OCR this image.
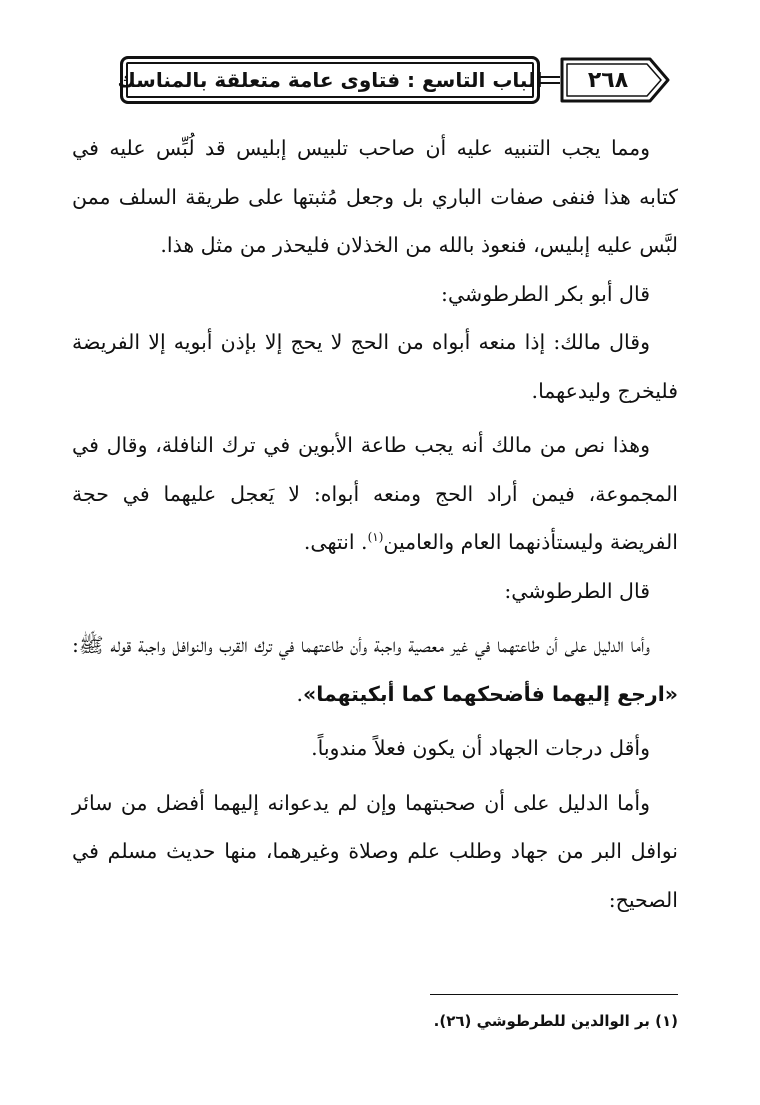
الباب التاسع : فتاوى عامة متعلقة بالمناسك	٢٦٨

ومما يجب التنبيه عليه أن صاحب تلبيس إبليس قد لُبِّس عليه في كتابه هذا فنفى صفات الباري بل وجعل مُثبتها على طريقة السلف ممن لبَّس عليه إبليس، فنعوذ بالله من الخذلان فليحذر من مثل هذا.

قال أبو بكر الطرطوشي:

وقال مالك: إذا منعه أبواه من الحج لا يحج إلا بإذن أبويه إلا الفريضة فليخرج وليدعهما.

وهذا نص من مالك أنه يجب طاعة الأبوين في ترك النافلة، وقال في المجموعة، فيمن أراد الحج ومنعه أبواه: لا يَعجل عليهما في حجة الفريضة وليستأذنهما العام والعامين$^{(١)}$. انتهى.

قال الطرطوشي:

وأما الدليل على أن طاعتهما في غير معصية واجبة وأن طاعتهما في ترك القرب والنوافل واجبة قوله ﷺ: «ارجع إليهما فأضحكهما كما أبكيتهما».

وأقل درجات الجهاد أن يكون فعلاً مندوباً.

وأما الدليل على أن صحبتهما وإن لم يدعوانه إليهما أفضل من سائر نوافل البر من جهاد وطلب علم وصلاة وغيرهما، منها حديث مسلم في الصحيح:

(١) بر الوالدين للطرطوشي (٢٦).
